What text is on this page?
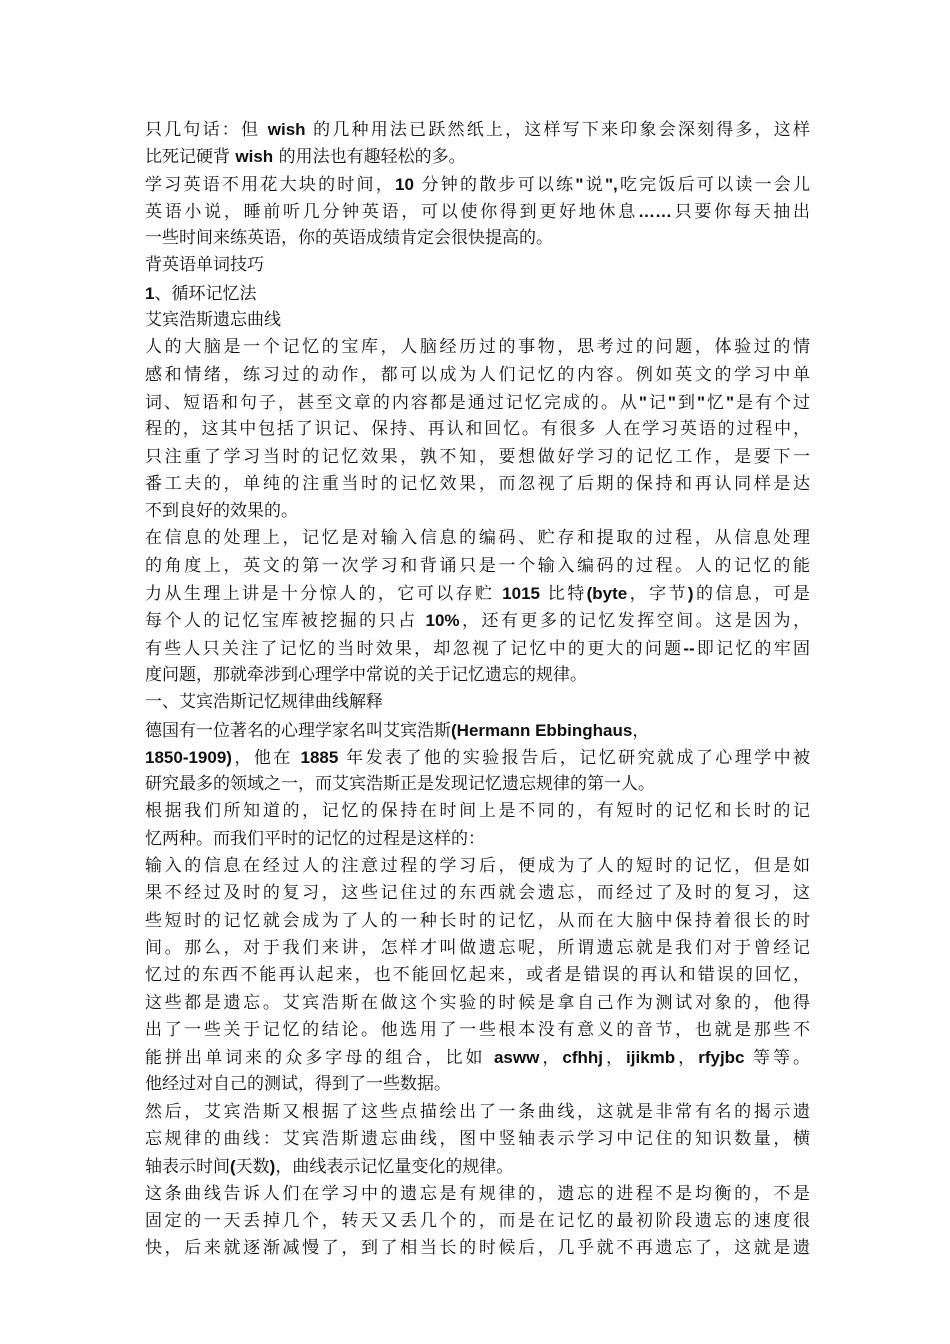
只几句话：但 wish 的几种用法已跃然纸上，这样写下来印象会深刻得多，这样
比死记硬背 wish 的用法也有趣轻松的多。
学习英语不用花大块的时间，10 分钟的散步可以练"说",吃完饭后可以读一会儿
英语小说，睡前听几分钟英语，可以使你得到更好地休息……只要你每天抽出
一些时间来练英语，你的英语成绩肯定会很快提高的。
背英语单词技巧
1、循环记忆法
艾宾浩斯遗忘曲线
人的大脑是一个记忆的宝库，人脑经历过的事物，思考过的问题，体验过的情
感和情绪，练习过的动作，都可以成为人们记忆的内容。例如英文的学习中单
词、短语和句子，甚至文章的内容都是通过记忆完成的。从"记"到"忆"是有个过
程的，这其中包括了识记、保持、再认和回忆。有很多 人在学习英语的过程中，
只注重了学习当时的记忆效果，孰不知，要想做好学习的记忆工作，是要下一
番工夫的，单纯的注重当时的记忆效果，而忽视了后期的保持和再认同样是达
不到良好的效果的。
在信息的处理上，记忆是对输入信息的编码、贮存和提取的过程，从信息处理
的角度上，英文的第一次学习和背诵只是一个输入编码的过程。人的记忆的能
力从生理上讲是十分惊人的，它可以存贮 1015 比特(byte，字节)的信息，可是
每个人的记忆宝库被挖掘的只占 10%，还有更多的记忆发挥空间。这是因为，
有些人只关注了记忆的当时效果，却忽视了记忆中的更大的问题--即记忆的牢固
度问题，那就牵涉到心理学中常说的关于记忆遗忘的规律。
一、艾宾浩斯记忆规律曲线解释
德国有一位著名的心理学家名叫艾宾浩斯(Hermann Ebbinghaus，
1850-1909)，他在 1885 年发表了他的实验报告后，记忆研究就成了心理学中被
研究最多的领域之一，而艾宾浩斯正是发现记忆遗忘规律的第一人。
根据我们所知道的，记忆的保持在时间上是不同的，有短时的记忆和长时的记
忆两种。而我们平时的记忆的过程是这样的：
输入的信息在经过人的注意过程的学习后，便成为了人的短时的记忆，但是如
果不经过及时的复习，这些记住过的东西就会遗忘，而经过了及时的复习，这
些短时的记忆就会成为了人的一种长时的记忆，从而在大脑中保持着很长的时
间。那么，对于我们来讲，怎样才叫做遗忘呢，所谓遗忘就是我们对于曾经记
忆过的东西不能再认起来，也不能回忆起来，或者是错误的再认和错误的回忆，
这些都是遗忘。艾宾浩斯在做这个实验的时候是拿自己作为测试对象的，他得
出了一些关于记忆的结论。他选用了一些根本没有意义的音节，也就是那些不
能拼出单词来的众多字母的组合，比如 asww，cfhhj，ijikmb，rfyjbc 等等。
他经过对自己的测试，得到了一些数据。
然后，艾宾浩斯又根据了这些点描绘出了一条曲线，这就是非常有名的揭示遗
忘规律的曲线：艾宾浩斯遗忘曲线，图中竖轴表示学习中记住的知识数量，横
轴表示时间(天数)，曲线表示记忆量变化的规律。
这条曲线告诉人们在学习中的遗忘是有规律的，遗忘的进程不是均衡的，不是
固定的一天丢掉几个，转天又丢几个的，而是在记忆的最初阶段遗忘的速度很
快，后来就逐渐减慢了，到了相当长的时候后，几乎就不再遗忘了，这就是遗
